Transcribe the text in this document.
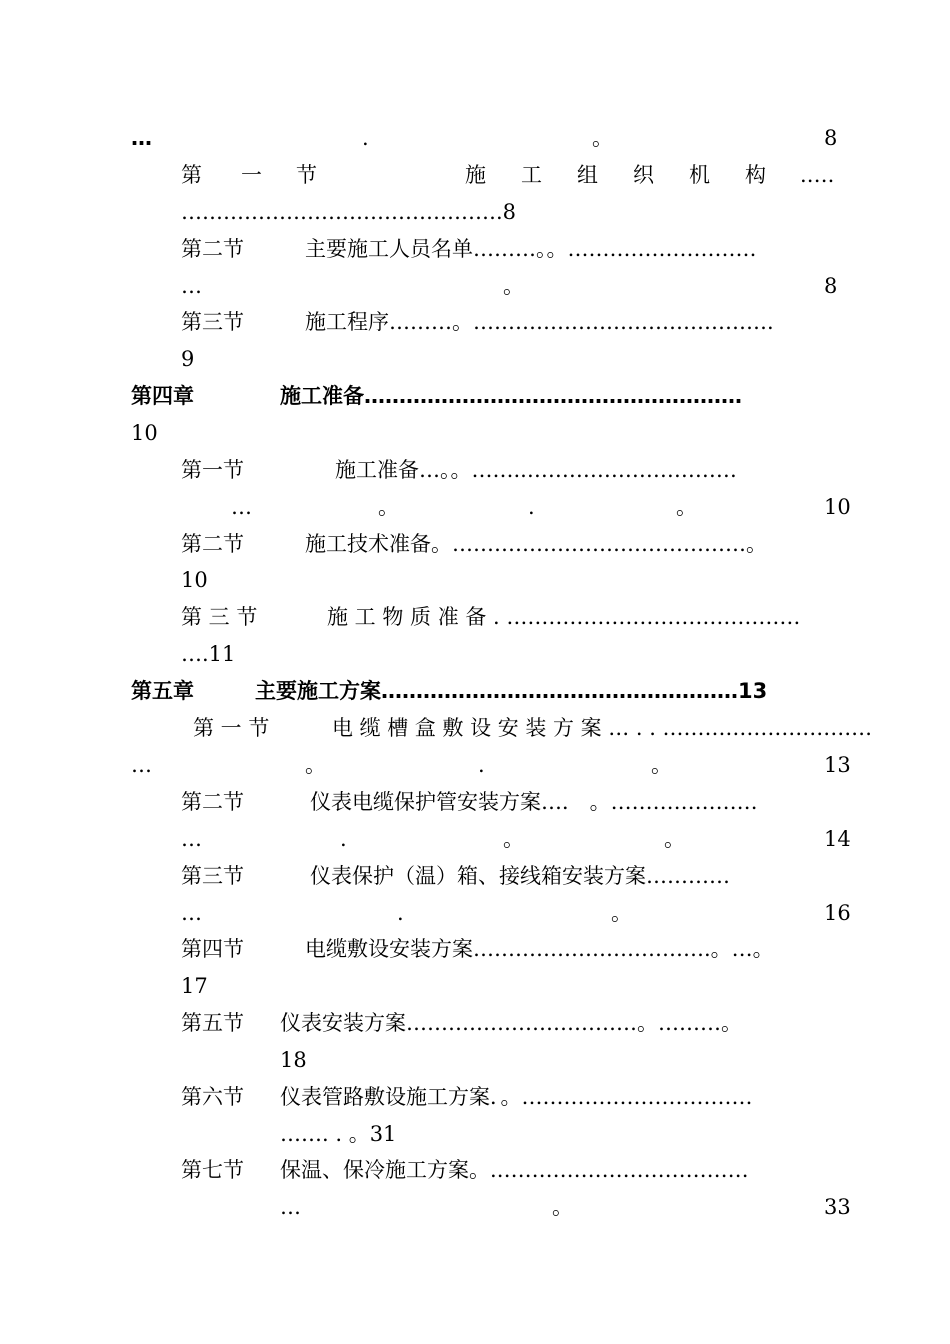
…	.	。	8
第 一 节	施 工 组 织 机 构 .….
……………………………………….8
第二节	主要施工人员名单………。。………………………
…	。	8
第三节	施工程序………。…………………………………….
9
第四章	施工准备………………………………………………
10
第一节	施工准备…。。……..…………………………
…	。	.	。	10
第二节	施工技术准备。……………………………………。
10
第 三 节	施 工 物 质 准 备 . ……………………………………
….11
第五章	主要施工方案……………………………………………13
第 一 节	电 缆 槽 盒 敷 设 安 装 方 案 … . . …………………………
…	。	.	。	13
第二节	仪表电缆保护管安装方案…． 。…………………
…	.	。	。	14
第三节	仪表保护（温）箱、接线箱安装方案…………
…	.	。	16
第四节	电缆敷设安装方案…………………………….。…。
17
第五节 仪表安装方案……………………………。………。
18
第六节 仪表管路敷设施工方案．。……………………………
……. . 。31
第七节 保温、保冷施工方案。.………………………………
…	。	33
